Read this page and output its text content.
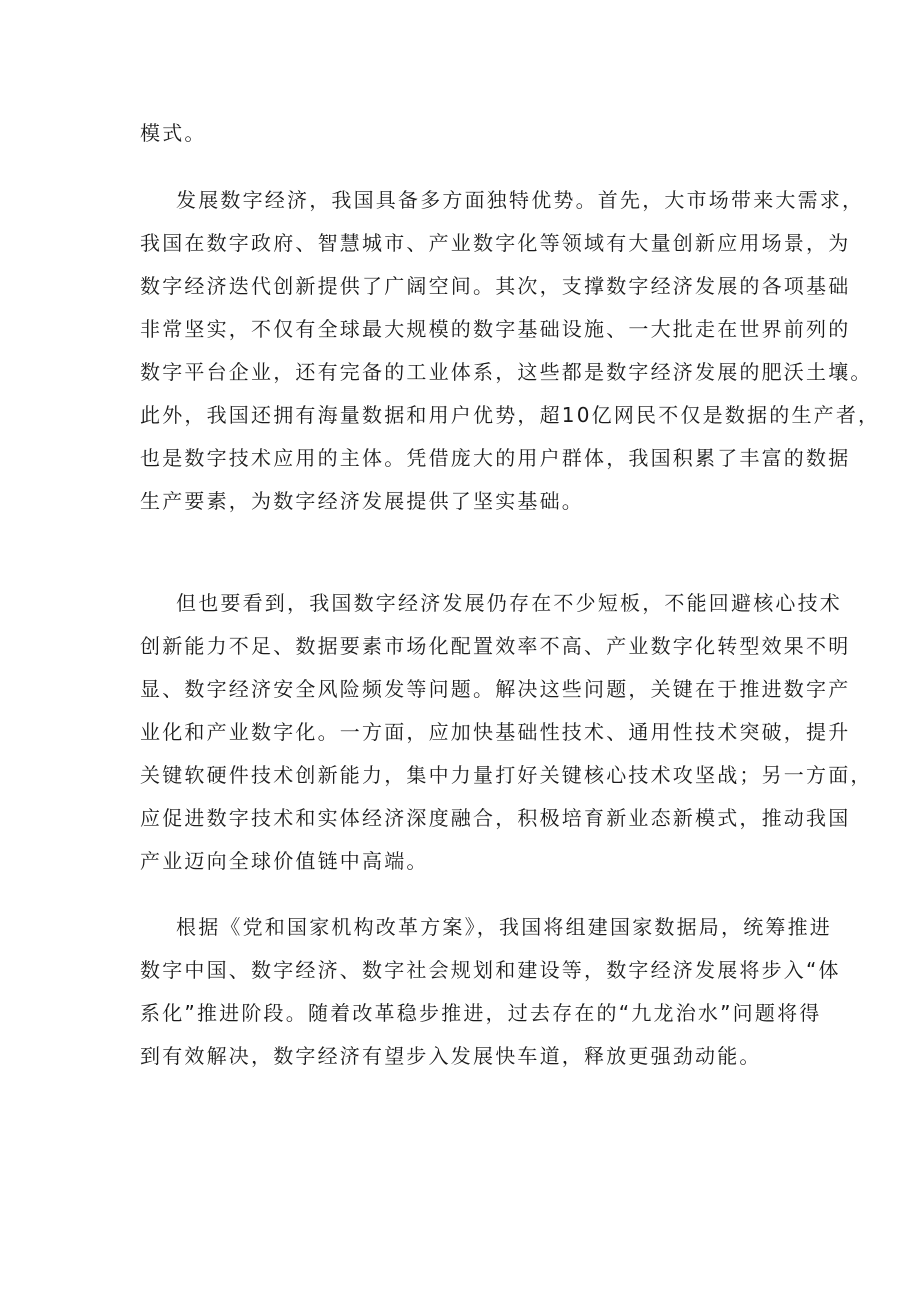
模式。
发展数字经济，我国具备多方面独特优势。首先，大市场带来大需求，
我国在数字政府、智慧城市、产业数字化等领域有大量创新应用场景，为
数字经济迭代创新提供了广阔空间。其次，支撑数字经济发展的各项基础
非常坚实，不仅有全球最大规模的数字基础设施、一大批走在世界前列的
数字平台企业，还有完备的工业体系，这些都是数字经济发展的肥沃土壤。
此外，我国还拥有海量数据和用户优势，超10亿网民不仅是数据的生产者，
也是数字技术应用的主体。凭借庞大的用户群体，我国积累了丰富的数据
生产要素，为数字经济发展提供了坚实基础。
但也要看到，我国数字经济发展仍存在不少短板，不能回避核心技术
创新能力不足、数据要素市场化配置效率不高、产业数字化转型效果不明
显、数字经济安全风险频发等问题。解决这些问题，关键在于推进数字产
业化和产业数字化。一方面，应加快基础性技术、通用性技术突破，提升
关键软硬件技术创新能力，集中力量打好关键核心技术攻坚战；另一方面，
应促进数字技术和实体经济深度融合，积极培育新业态新模式，推动我国
产业迈向全球价值链中高端。
根据《党和国家机构改革方案》，我国将组建国家数据局，统筹推进
数字中国、数字经济、数字社会规划和建设等，数字经济发展将步入“体
系化”推进阶段。随着改革稳步推进，过去存在的“九龙治水”问题将得
到有效解决，数字经济有望步入发展快车道，释放更强劲动能。
